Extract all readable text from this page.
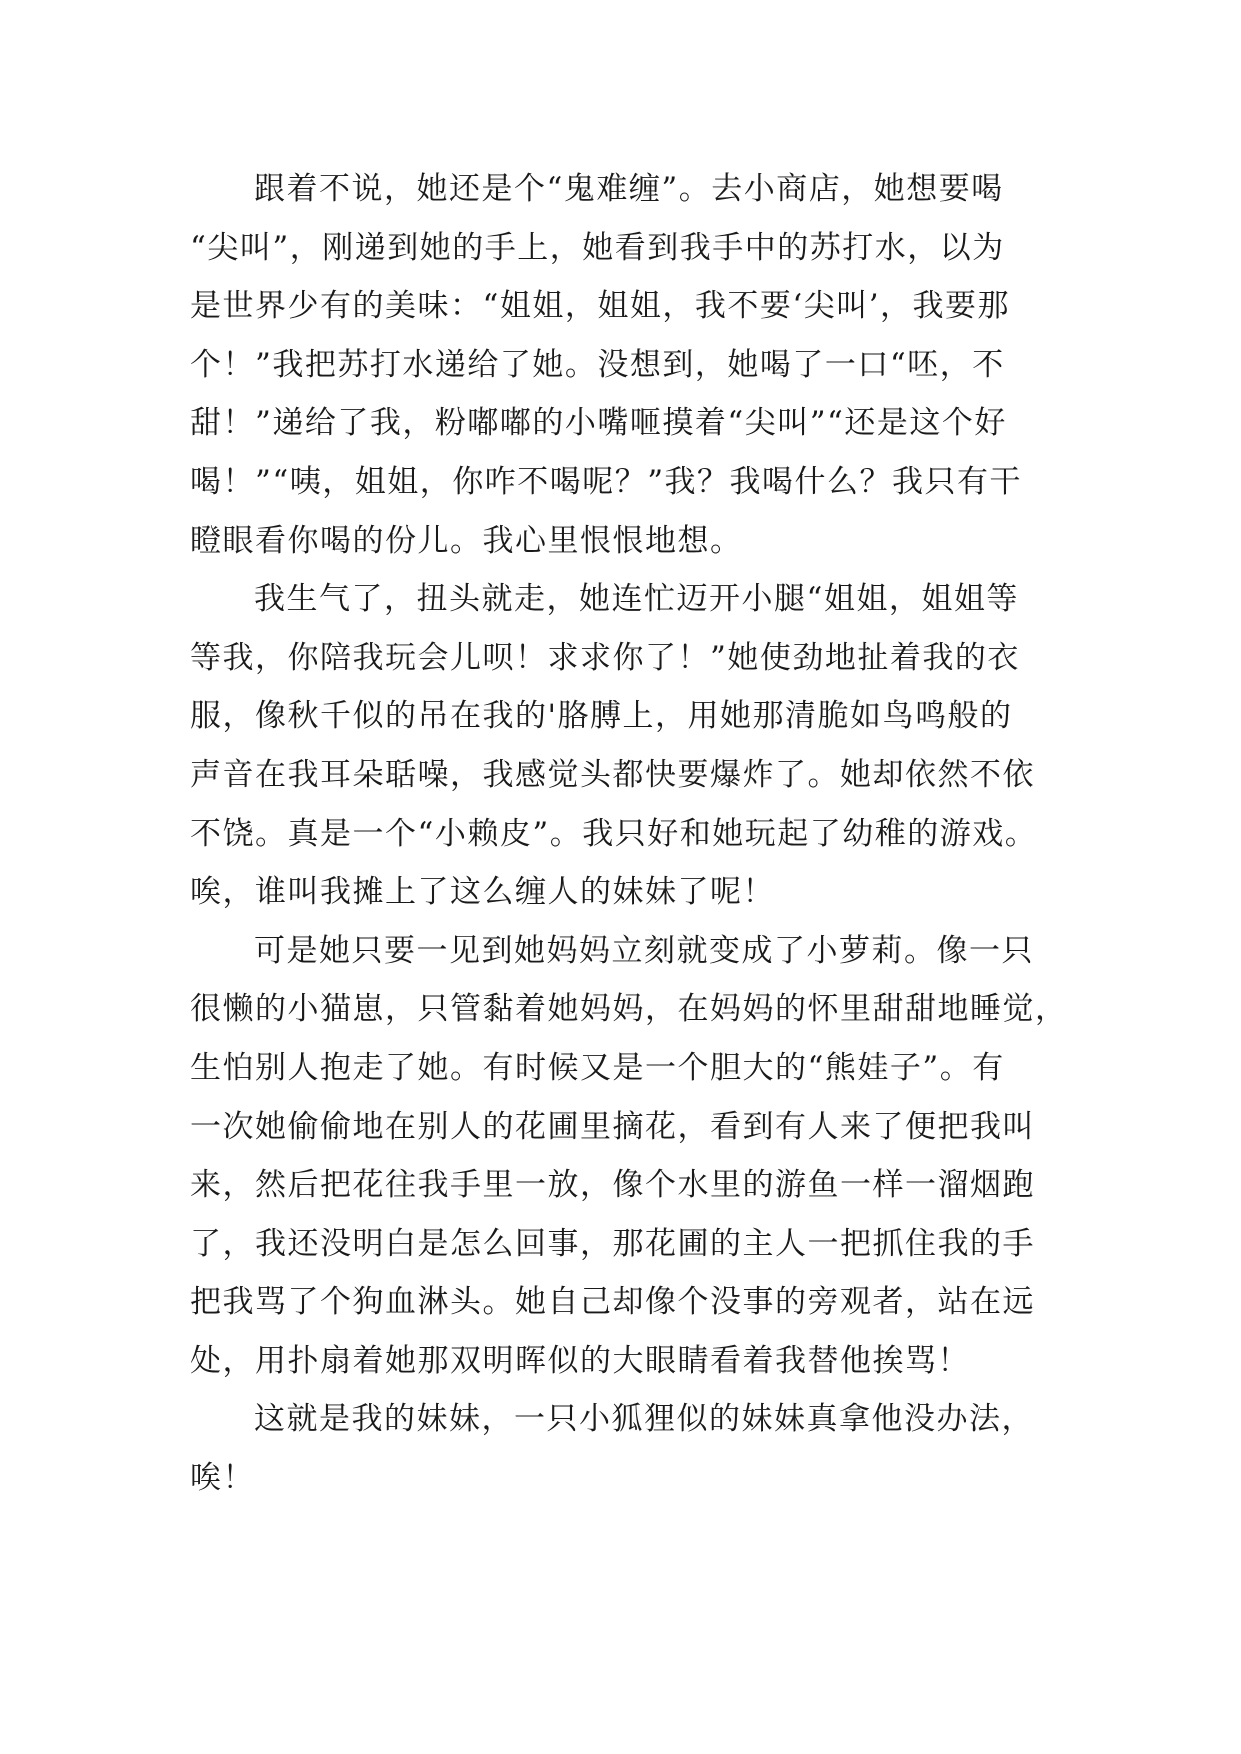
跟着不说，她还是个“鬼难缠”。去小商店，她想要喝
“尖叫”，刚递到她的手上，她看到我手中的苏打水，以为
是世界少有的美味：“姐姐，姐姐，我不要‘尖叫’，我要那
个！”我把苏打水递给了她。没想到，她喝了一口“呸，不
甜！”递给了我，粉嘟嘟的小嘴咂摸着“尖叫”“还是这个好
喝！”“咦，姐姐，你咋不喝呢？”我？我喝什么？我只有干
瞪眼看你喝的份儿。我心里恨恨地想。
我生气了，扭头就走，她连忙迈开小腿“姐姐，姐姐等
等我，你陪我玩会儿呗！求求你了！”她使劲地扯着我的衣
服，像秋千似的吊在我的'胳膊上，用她那清脆如鸟鸣般的
声音在我耳朵聒噪，我感觉头都快要爆炸了。她却依然不依
不饶。真是一个“小赖皮”。我只好和她玩起了幼稚的游戏。
唉，谁叫我摊上了这么缠人的妹妹了呢！
可是她只要一见到她妈妈立刻就变成了小萝莉。像一只
很懒的小猫崽，只管黏着她妈妈，在妈妈的怀里甜甜地睡觉，
生怕别人抱走了她。有时候又是一个胆大的“熊娃子”。有
一次她偷偷地在别人的花圃里摘花，看到有人来了便把我叫
来，然后把花往我手里一放，像个水里的游鱼一样一溜烟跑
了，我还没明白是怎么回事，那花圃的主人一把抓住我的手
把我骂了个狗血淋头。她自己却像个没事的旁观者，站在远
处，用扑扇着她那双明晖似的大眼睛看着我替他挨骂！
这就是我的妹妹，一只小狐狸似的妹妹真拿他没办法，
唉！
